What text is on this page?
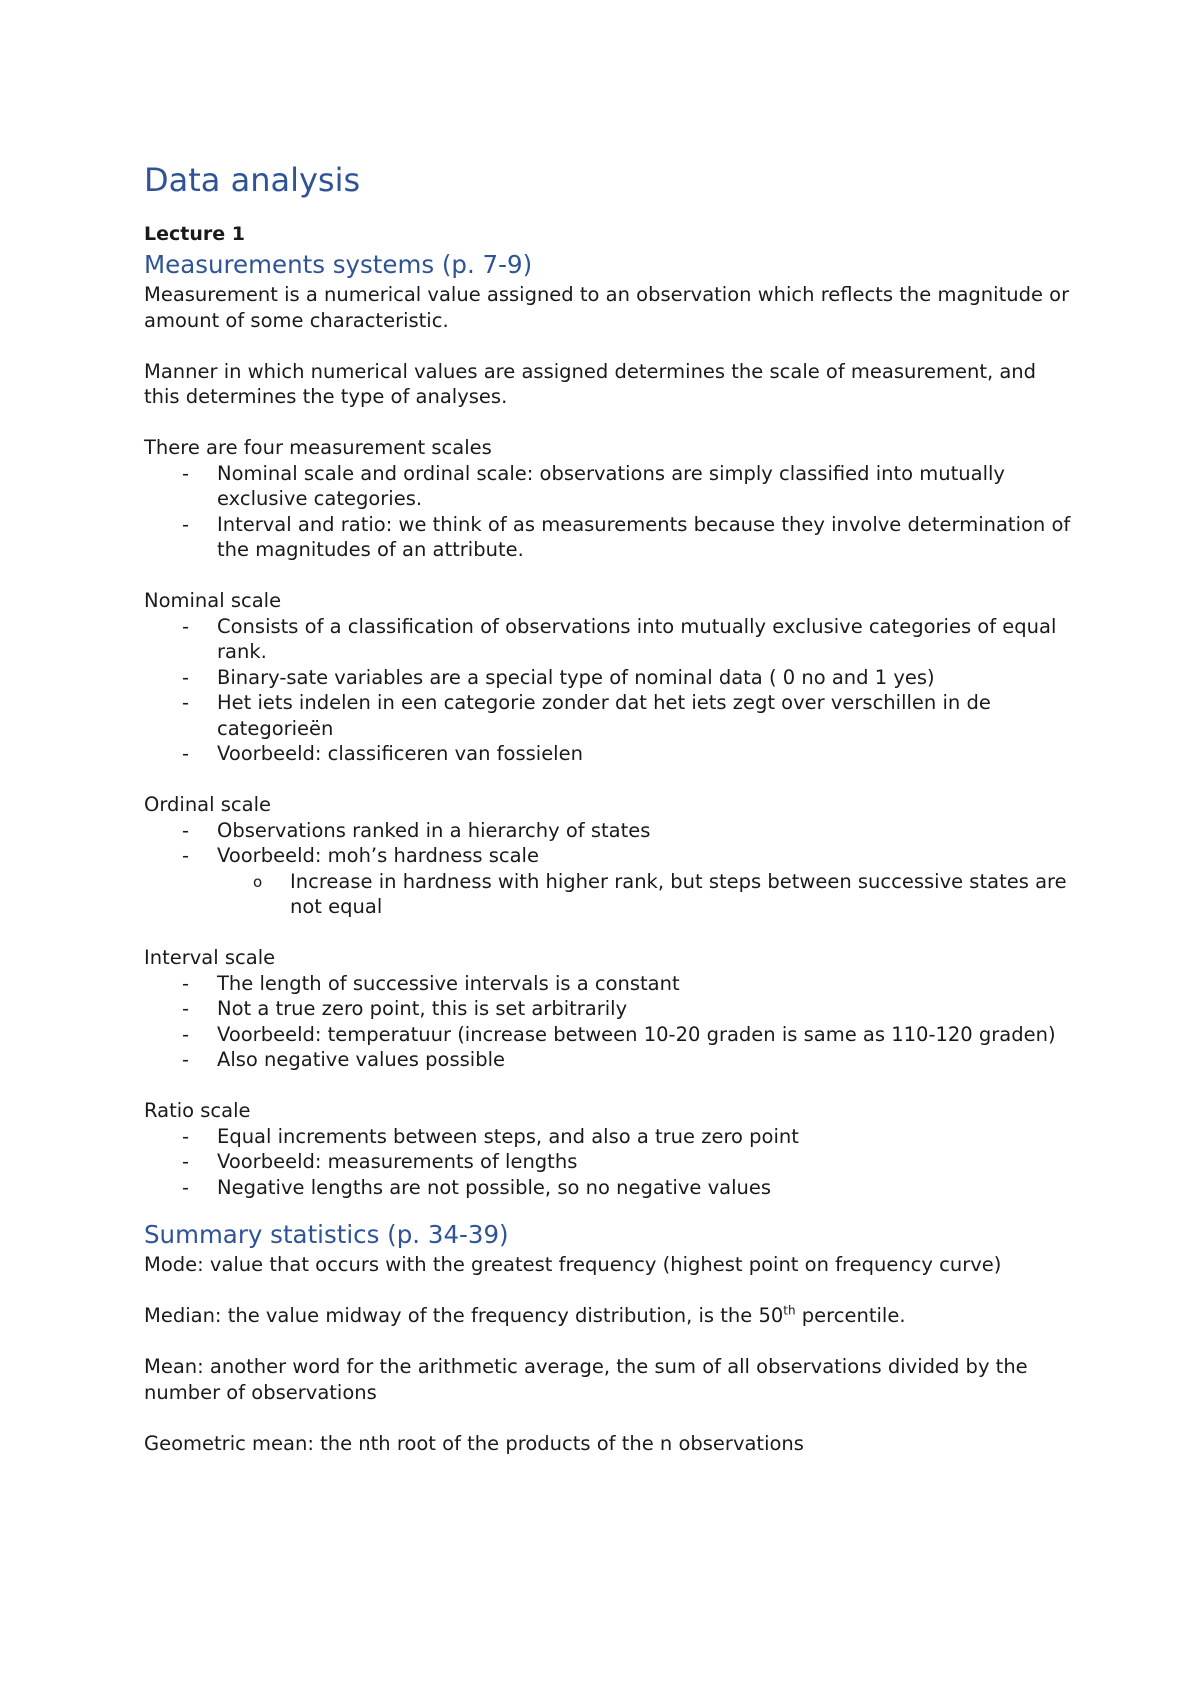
Data analysis
Lecture 1
Measurements systems (p. 7-9)

Measurement is a numerical value assigned to an observation which reflects the magnitude or amount of some characteristic.

Manner in which numerical values are assigned determines the scale of measurement, and this determines the type of analyses.

There are four measurement scales

- Nominal scale and ordinal scale: observations are simply classified into mutually exclusive categories.
- Interval and ratio: we think of as measurements because they involve determination of the magnitudes of an attribute.

Nominal scale

- Consists of a classification of observations into mutually exclusive categories of equal rank.
- Binary-sate variables are a special type of nominal data ( 0 no and 1 yes)
- Het iets indelen in een categorie zonder dat het iets zegt over verschillen in de categorieën
- Voorbeeld: classificeren van fossielen

Ordinal scale

- Observations ranked in a hierarchy of states
- Voorbeeld: moh’s hardness scale
o Increase in hardness with higher rank, but steps between successive states are not equal

Interval scale

- The length of successive intervals is a constant
- Not a true zero point, this is set arbitrarily
- Voorbeeld: temperatuur (increase between 10-20 graden is same as 110-120 graden)
- Also negative values possible

Ratio scale

- Equal increments between steps, and also a true zero point
- Voorbeeld: measurements of lengths
- Negative lengths are not possible, so no negative values
Summary statistics (p. 34-39)

Mode: value that occurs with the greatest frequency (highest point on frequency curve)

Median: the value midway of the frequency distribution, is the 50th percentile.

Mean: another word for the arithmetic average, the sum of all observations divided by the number of observations

Geometric mean: the nth root of the products of the n observations
